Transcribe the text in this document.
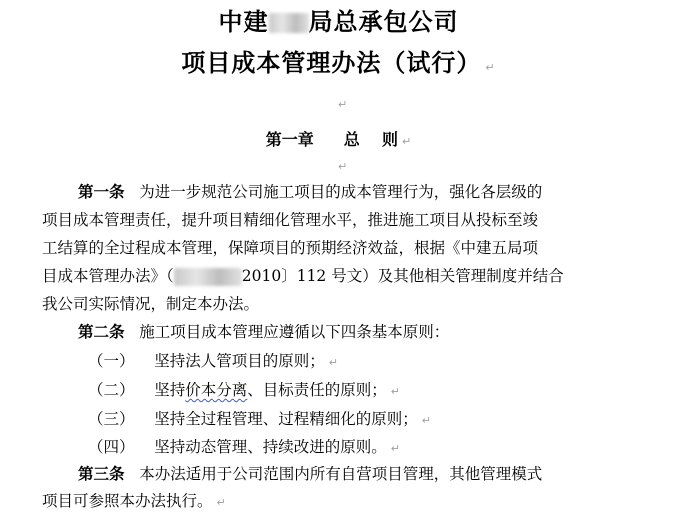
中建 局总承包公司
项目成本管理办法（试行） ↵
↵
第一章 总    则 ↵
↵
第一条 为进一步规范公司施工项目的成本管理行为，强化各层级的
项目成本管理责任，提升项目精细化管理水平，推进施工项目从投标至竣
工结算的全过程成本管理，保障项目的预期经济效益，根据《中建五局项
目成本管理办法》（	2010〕112 号文）及其他相关管理制度并结合
我公司实际情况，制定本办法。
第二条 施工项目成本管理应遵循以下四条基本原则：
（一） 坚持法人管项目的原则； ↵
（二） 坚持价本分离、目标责任的原则； ↵
（三） 坚持全过程管理、过程精细化的原则； ↵
（四） 坚持动态管理、持续改进的原则。 ↵
第三条 本办法适用于公司范围内所有自营项目管理，其他管理模式
项目可参照本办法执行。 ↵
